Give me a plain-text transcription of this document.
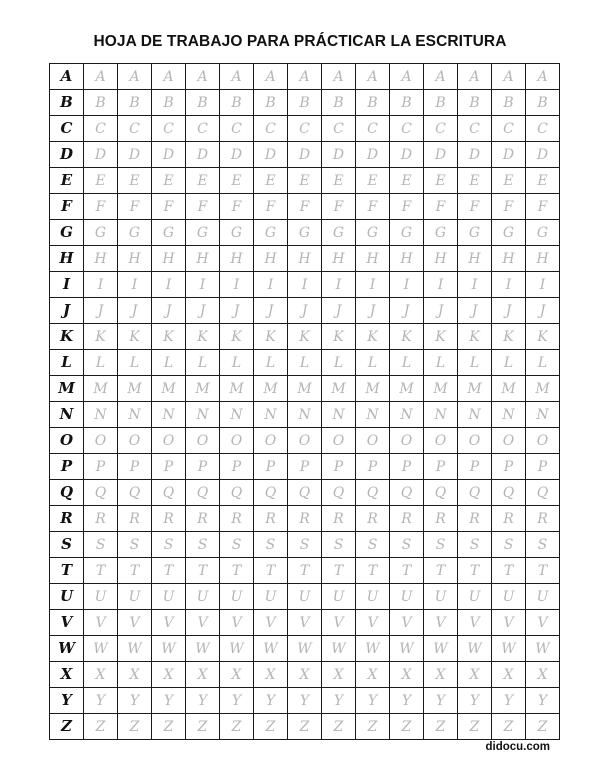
HOJA DE TRABAJO PARA PRÁCTICAR LA ESCRITURA
A	A	A	A	A	A	A	A	A	A	A	A	A	A	A
B	B	B	B	B	B	B	B	B	B	B	B	B	B	B
C	C	C	C	C	C	C	C	C	C	C	C	C	C	C
D	D	D	D	D	D	D	D	D	D	D	D	D	D	D
E	E	E	E	E	E	E	E	E	E	E	E	E	E	E
F	F	F	F	F	F	F	F	F	F	F	F	F	F	F
G	G	G	G	G	G	G	G	G	G	G	G	G	G	G
H	H	H	H	H	H	H	H	H	H	H	H	H	H	H
I	I	I	I	I	I	I	I	I	I	I	I	I	I	I
J	J	J	J	J	J	J	J	J	J	J	J	J	J	J
K	K	K	K	K	K	K	K	K	K	K	K	K	K	K
L	L	L	L	L	L	L	L	L	L	L	L	L	L	L
M	M	M	M	M	M	M	M	M	M	M	M	M	M	M
N	N	N	N	N	N	N	N	N	N	N	N	N	N	N
O	O	O	O	O	O	O	O	O	O	O	O	O	O	O
P	P	P	P	P	P	P	P	P	P	P	P	P	P	P
Q	Q	Q	Q	Q	Q	Q	Q	Q	Q	Q	Q	Q	Q	Q
R	R	R	R	R	R	R	R	R	R	R	R	R	R	R
S	S	S	S	S	S	S	S	S	S	S	S	S	S	S
T	T	T	T	T	T	T	T	T	T	T	T	T	T	T
U	U	U	U	U	U	U	U	U	U	U	U	U	U	U
V	V	V	V	V	V	V	V	V	V	V	V	V	V	V
W	W	W	W	W	W	W	W	W	W	W	W	W	W	W
X	X	X	X	X	X	X	X	X	X	X	X	X	X	X
Y	Y	Y	Y	Y	Y	Y	Y	Y	Y	Y	Y	Y	Y	Y
Z	Z	Z	Z	Z	Z	Z	Z	Z	Z	Z	Z	Z	Z	Z
didocu.com
